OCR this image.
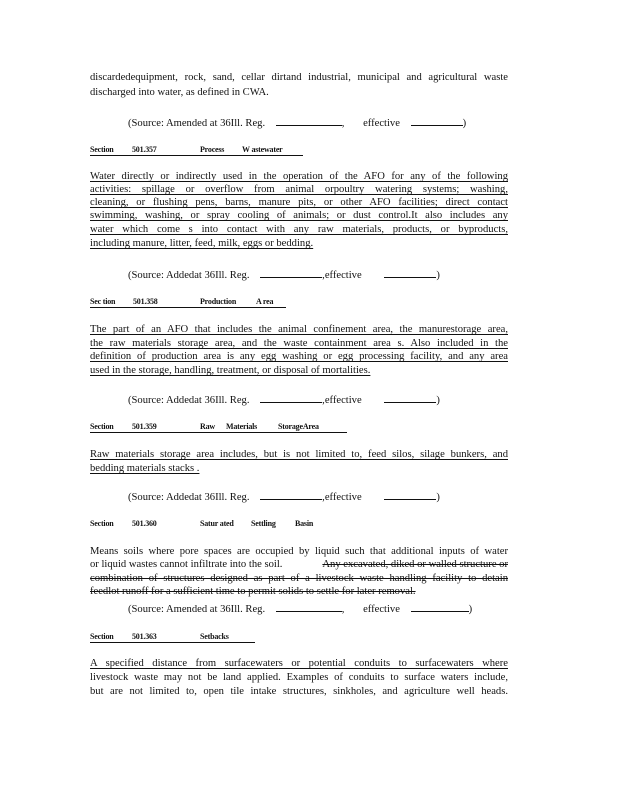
discardedequipment, rock, sand, cellar dirtand industrial, municipal and agricultural waste
discharged into water, as defined in CWA.
(Source: Amended at 36Ill. Reg.	, effective	)
Section 501.357	Process W astewater
Water directly or indirectly used in the operation of the AFO for any of the following
activities: spillage or overflow from animal orpoultry watering systems; washing,
cleaning, or flushing pens, barns, manure pits, or other AFO facilities; direct contact
swimming, washing, or spray cooling of animals; or dust control.It also includes any
water which come s into contact with any raw materials, products, or byproducts,
including manure, litter, feed, milk, eggs or bedding.
(Source: Addedat 36Ill. Reg.	,effective	)
Sec tion 501.358	Production A rea
The part of an AFO that includes the animal confinement area, the manurestorage area,
the raw materials storage area, and the waste containment area s. Also included in the
definition of production area is any egg washing or egg processing facility, and any area
used in the storage, handling, treatment, or disposal of mortalities.
(Source: Addedat 36Ill. Reg.	,effective	)
Section 501.359	Raw Materials	StorageArea
Raw materials storage area includes, but is not limited to, feed silos, silage bunkers, and
bedding materials stacks .
(Source: Addedat 36Ill. Reg.	,effective	)
Section 501.360	Satur ated Settling Basin
Means soils where pore spaces are occupied by liquid such that additional inputs of water
or liquid wastes cannot infiltrate into the soil.	Any excavated, diked or walled structure or
combination of structures designed as part of a livestock waste handling facility to detain
feedlot runoff for a sufficient time to permit solids to settle for later removal.
(Source: Amended at 36Ill. Reg.	, effective	)
Section 501.363	Setbacks
A specified distance from surfacewaters or potential conduits to surfacewaters where
livestock waste may not be land applied. Examples of conduits to surface waters include,
but are not limited to, open tile intake structures, sinkholes, and agriculture well heads.
